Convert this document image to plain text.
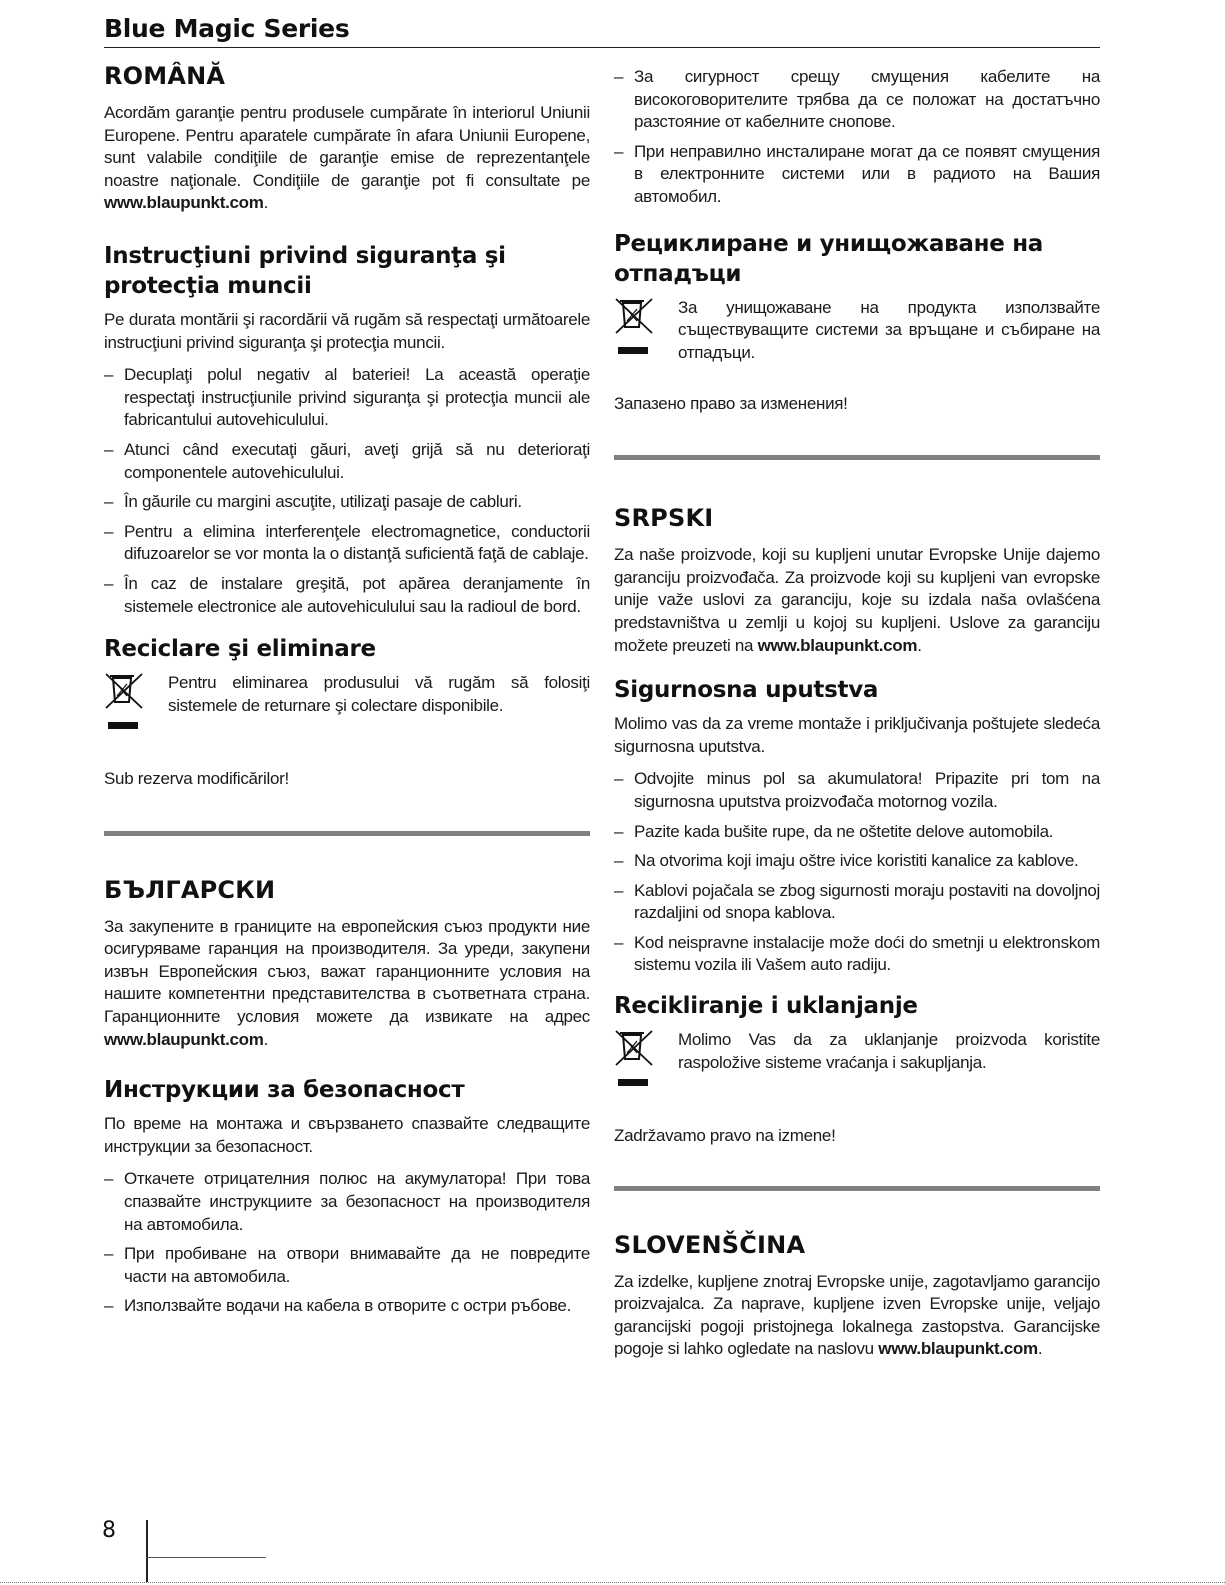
Blue Magic Series
ROMÂNĂ

Acordăm garanţie pentru produsele cumpărate în interiorul Uniunii Europene. Pentru aparatele cumpărate în afara Uniunii Europene, sunt valabile condiţiile de garanţie emise de reprezentanţele noastre naţionale. Condiţiile de garanţie pot fi consultate pe www.blaupunkt.com.

Instrucţiuni privind siguranţa şi protecţia muncii

Pe durata montării şi racordării vă rugăm să respectaţi următoarele instrucţiuni privind siguranţa şi protecţia muncii.

– Decuplaţi polul negativ al bateriei! La această operaţie respectaţi instrucţiunile privind siguranţa şi protecţia muncii ale fabricantului autovehiculului.
– Atunci când executaţi găuri, aveţi grijă să nu deterioraţi componentele autovehiculului.
– În găurile cu margini ascuţite, utilizaţi pasaje de cabluri.
– Pentru a elimina interferenţele electromagnetice, conductorii difuzoarelor se vor monta la o distanţă suficientă faţă de cablaje.
– În caz de instalare greşită, pot apărea deranjamente în sistemele electronice ale autovehiculului sau la radioul de bord.
Reciclare şi eliminare
Pentru eliminarea produsului vă rugăm să folosiţi sistemele de returnare şi colectare disponibile.

Sub rezerva modificărilor!

БЪЛГАРСКИ

За закупените в границите на европейския съюз продукти ние осигуряваме гаранция на производителя. За уреди, закупени извън Европейския съюз, важат гаранционните условия на нашите компетентни представителства в съответната страна. Гаранционните условия можете да извикате на адрес www.blaupunkt.com.

Инструкции за безопасност

По време на монтажа и свързването спазвайте следващите инструкции за безопасност.

– Откачете отрицателния полюс на акумулатора! При това спазвайте инструкциите за безопасност на производителя на автомобила.
– При пробиване на отвори внимавайте да не повредите части на автомобила.
– Използвайте водачи на кабела в отворите с остри ръбове.
– За сигурност срещу смущения кабелите на високоговорителите трябва да се положат на достатъчно разстояние от кабелните снопове.
– При неправилно инсталиране могат да се появят смущения в електронните системи или в радиото на Вашия автомобил.
Рециклиране и унищожаване на отпадъци
За унищожаване на продукта използвайте съществуващите системи за връщане и събиране на отпадъци.

Запазено право за изменения!

SRPSKI

Za naše proizvode, koji su kupljeni unutar Evropske Unije dajemo garanciju proizvođača. Za proizvode koji su kupljeni van evropske unije važe uslovi za garanciju, koje su izdala naša ovlašćena predstavništva u zemlji u kojoj su kupljeni. Uslove za garanciju možete preuzeti na www.blaupunkt.com.

Sigurnosna uputstva

Molimo vas da za vreme montaže i priključivanja poštujete sledeća sigurnosna uputstva.

– Odvojite minus pol sa akumulatora! Pripazite pri tom na sigurnosna uputstva proizvođača motornog vozila.
– Pazite kada bušite rupe, da ne oštetite delove automobila.
– Na otvorima koji imaju oštre ivice koristiti kanalice za kablove.
– Kablovi pojačala se zbog sigurnosti moraju postaviti na dovoljnoj razdaljini od snopa kablova.
– Kod neispravne instalacije može doći do smetnji u elektronskom sistemu vozila ili Vašem auto radiju.
Recikliranje i uklanjanje
Molimo Vas da za uklanjanje proizvoda koristite raspoložive sisteme vraćanja i sakupljanja.

Zadržavamo pravo na izmene!

SLOVENŠČINA

Za izdelke, kupljene znotraj Evropske unije, zagotavljamo garancijo proizvajalca. Za naprave, kupljene izven Evropske unije, veljajo garancijski pogoji pristojnega lokalnega zastopstva. Garancijske pogoje si lahko ogledate na naslovu www.blaupunkt.com.

8
